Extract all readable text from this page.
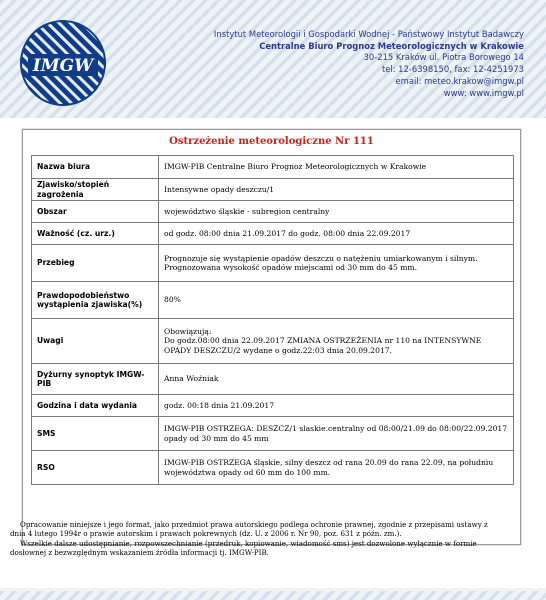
IMGW
Instytut Meteorologii i Gospodarki Wodnej - Państwowy Instytut Badawczy
Centralne Biuro Prognoz Meteorologicznych w Krakowie
30-215 Kraków ul. Piotra Borowego 14
tel: 12-6398150, fax: 12-4251973
email: meteo.krakow@imgw.pl
www: www.imgw.pl
Ostrzeżenie meteorologiczne Nr 111
Nazwa biura	IMGW-PIB Centralne Biuro Prognoz Meteorologicznych w Krakowie

Zjawisko/stopień zagrożenia	Intensywne opady deszczu/1

Obszar	województwo śląskie - subregion centralny

Ważność (cz. urz.)	od godz. 08:00 dnia 21.09.2017 do godz. 08:00 dnia 22.09.2017

Przebieg	Prognozuje się wystąpienie opadów deszczu o natężeniu umiarkowanym i silnym.
Prognozowana wysokość opadów miejscami od 30 mm do 45 mm.

Prawdopodobieństwo wystąpienia zjawiska(%)	80%

Uwagi	Obowiązują:
Do godz.08:00 dnia 22.09.2017 ZMIANA OSTRZEŻENIA nr 110 na INTENSYWNE OPADY DESZCZU/2 wydane o godz.22:03 dnia 20.09.2017.

Dyżurny synoptyk IMGW-PIB	Anna Woźniak

Godzina i data wydania	godz. 00:18 dnia 21.09.2017

SMS	IMGW-PIB OSTRZEGA: DESZCZ/1 slaskie.centralny od 08:00/21.09 do 08:00/22.09.2017 opady od 30 mm do 45 mm

RSO	IMGW-PIB OSTRZEGA śląskie, silny deszcz od rana 20.09 do rana 22.09, na południu województwa opady od 60 mm do 100 mm.

Opracowanie niniejsze i jego format, jako przedmiot prawa autorskiego podlega ochronie prawnej, zgodnie z przepisami ustawy z dnia 4 lutego 1994r o prawie autorskim i prawach pokrewnych (dz. U. z 2006 r. Nr 90, poz. 631 z późn. zm.).

Wszelkie dalsze udostępnianie, rozpowszechnianie (przedruk, kopiowanie, wiadomość sms) jest dozwolone wyłącznie w formie dosłownej z bezwzględnym wskazaniem źródła informacji tj. IMGW-PIB.
